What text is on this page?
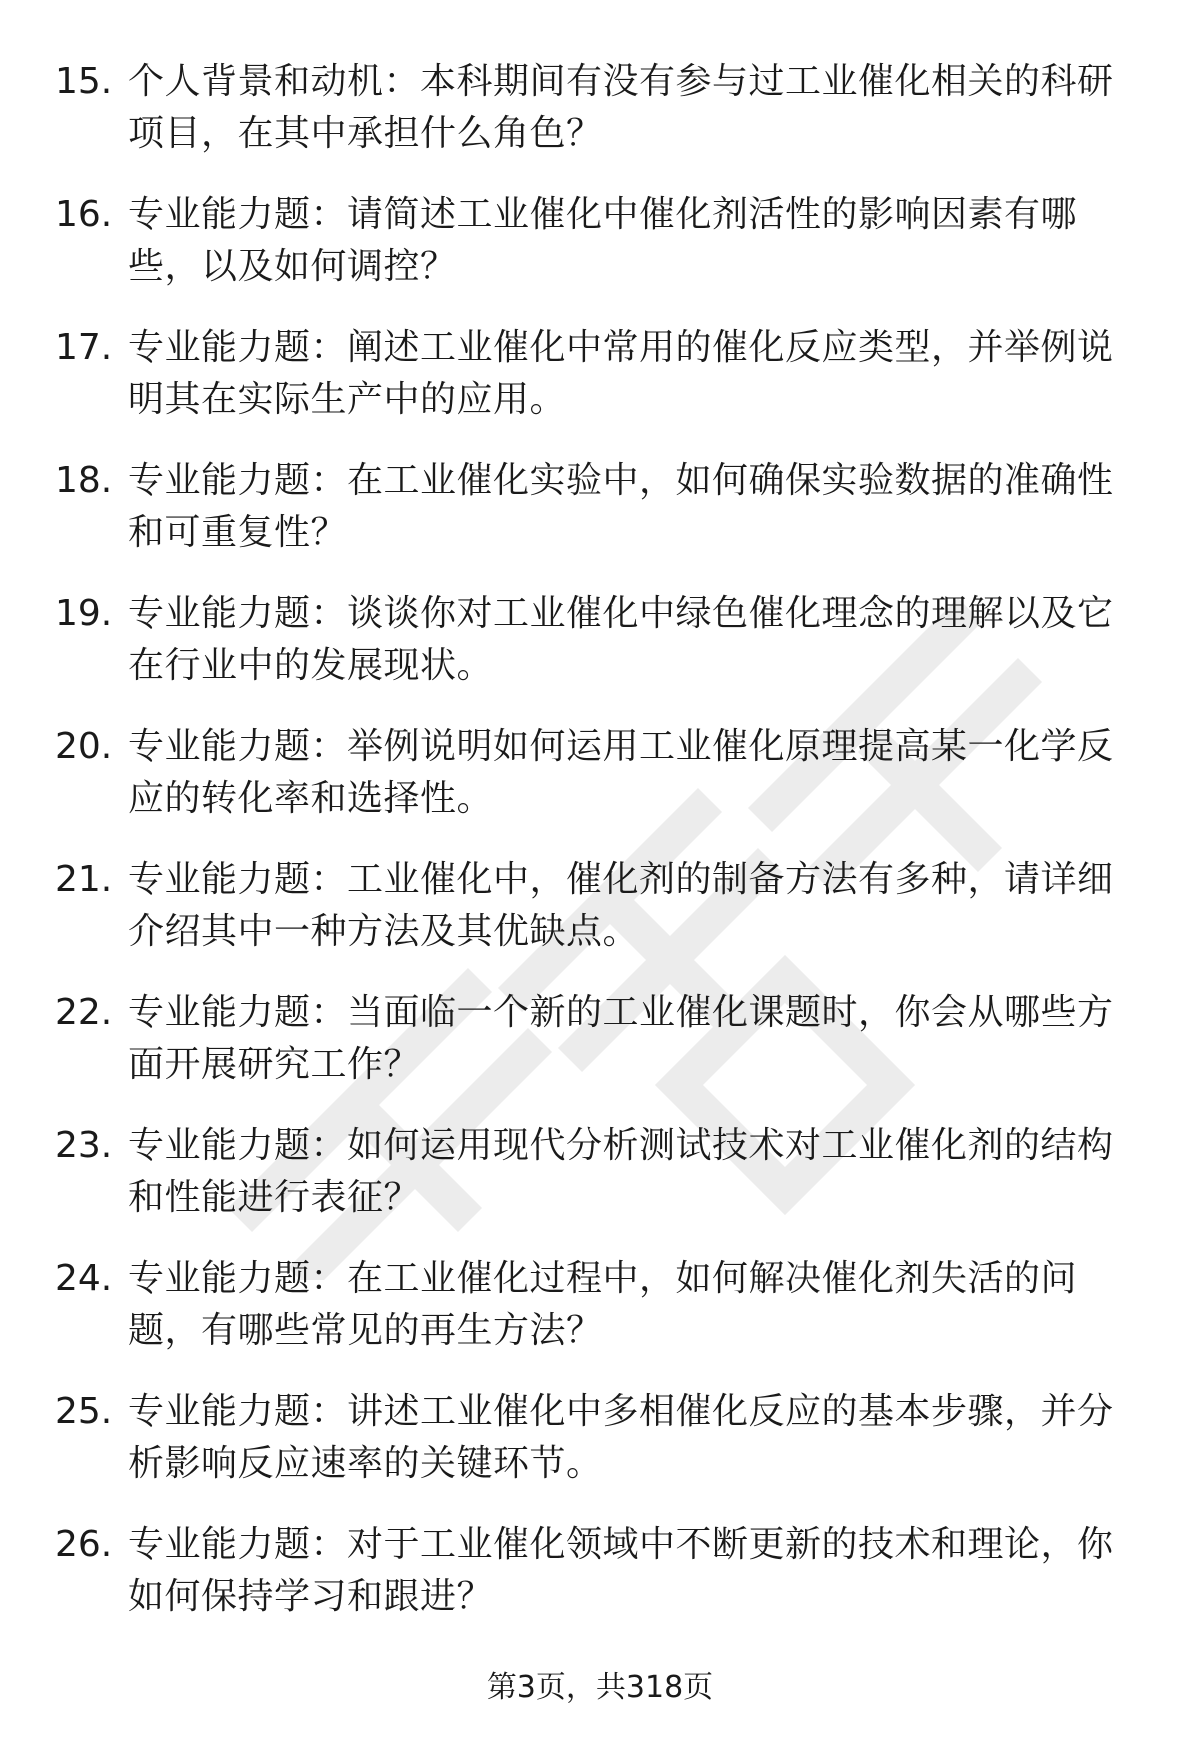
15. 个人背景和动机：本科期间有没有参与过工业催化相关的科研项目，在其中承担什么角色？
16. 专业能力题：请简述工业催化中催化剂活性的影响因素有哪些，以及如何调控？
17. 专业能力题：阐述工业催化中常用的催化反应类型，并举例说明其在实际生产中的应用。
18. 专业能力题：在工业催化实验中，如何确保实验数据的准确性和可重复性？
19. 专业能力题：谈谈你对工业催化中绿色催化理念的理解以及它在行业中的发展现状。
20. 专业能力题：举例说明如何运用工业催化原理提高某一化学反应的转化率和选择性。
21. 专业能力题：工业催化中，催化剂的制备方法有多种，请详细介绍其中一种方法及其优缺点。
22. 专业能力题：当面临一个新的工业催化课题时，你会从哪些方面开展研究工作？
23. 专业能力题：如何运用现代分析测试技术对工业催化剂的结构和性能进行表征？
24. 专业能力题：在工业催化过程中，如何解决催化剂失活的问题，有哪些常见的再生方法？
25. 专业能力题：讲述工业催化中多相催化反应的基本步骤，并分析影响反应速率的关键环节。
26. 专业能力题：对于工业催化领域中不断更新的技术和理论，你如何保持学习和跟进？
第3页，共318页
